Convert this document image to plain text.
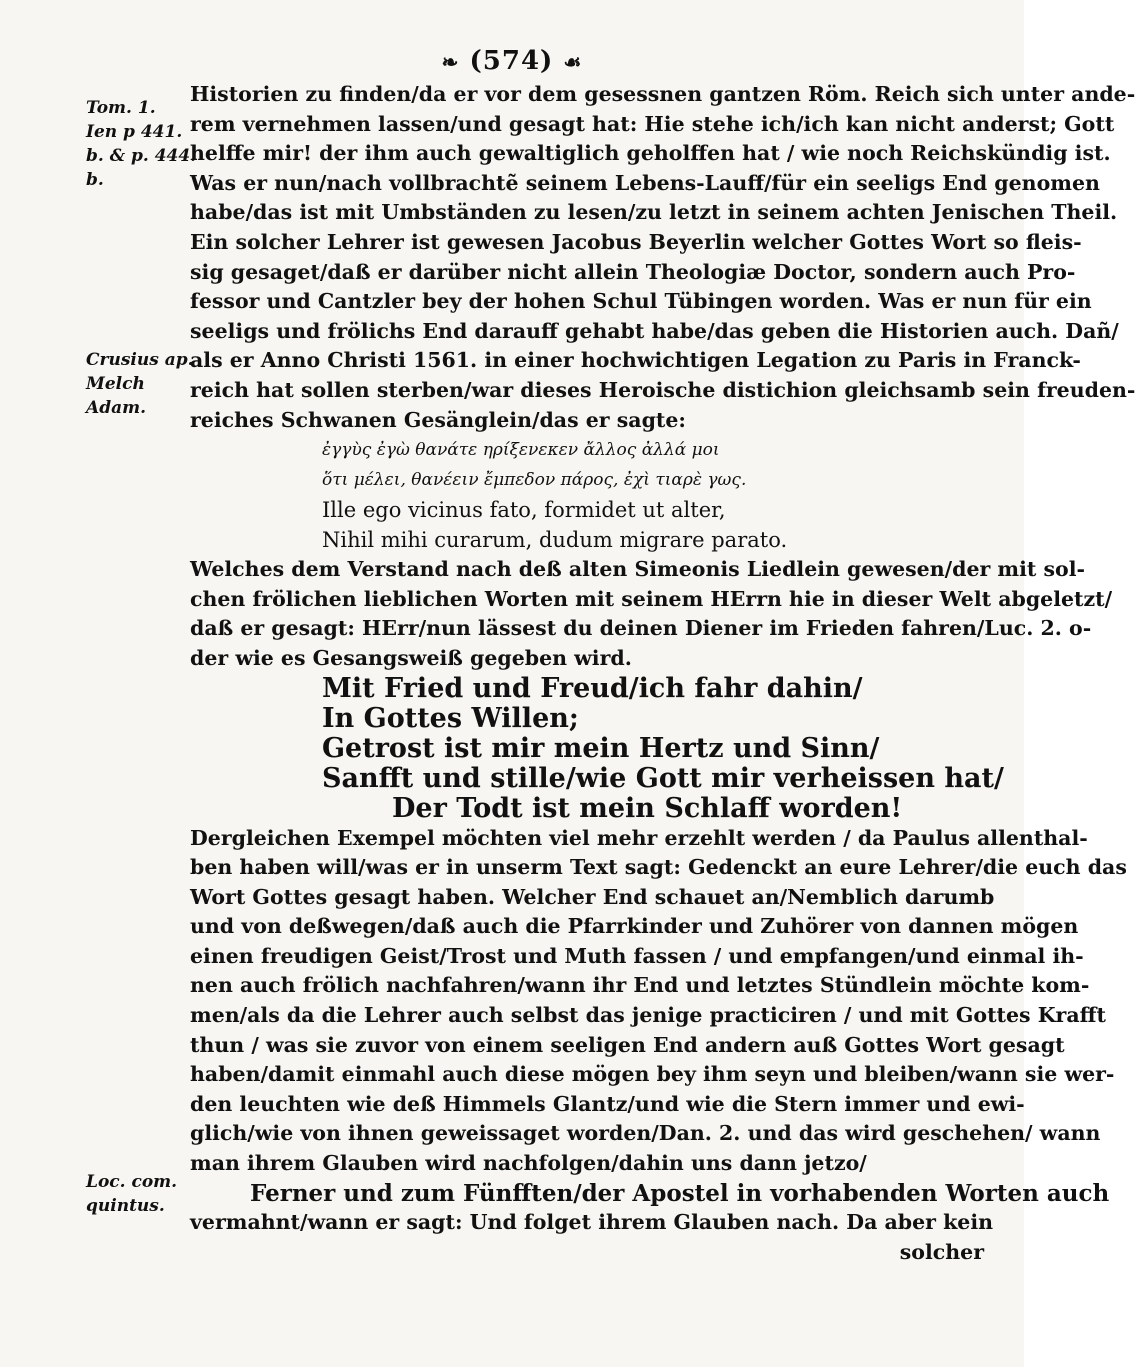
❧ (574) ☙
Tom. 1.
Ien p 441.
b. & p. 444.
b.
Crusius ap.
Melch
Adam.
Loc. com.
quintus.
Historien zu finden/da er vor dem gesessnen gantzen Röm. Reich sich unter ande-
rem vernehmen lassen/und gesagt hat: Hie stehe ich/ich kan nicht anderst; Gott
helffe mir! der ihm auch gewaltiglich geholffen hat / wie noch Reichskündig ist.
Was er nun/nach vollbrachtẽ seinem Lebens-Lauff/für ein seeligs End genomen
habe/das ist mit Umbständen zu lesen/zu letzt in seinem achten Jenischen Theil.
Ein solcher Lehrer ist gewesen Jacobus Beyerlin welcher Gottes Wort so fleis-
sig gesaget/daß er darüber nicht allein Theologiæ Doctor, sondern auch Pro-
fessor und Cantzler bey der hohen Schul Tübingen worden. Was er nun für ein
seeligs und frölichs End darauff gehabt habe/das geben die Historien auch. Dañ/
als er Anno Christi 1561. in einer hochwichtigen Legation zu Paris in Franck-
reich hat sollen sterben/war dieses Heroische distichion gleichsamb sein freuden-
reiches Schwanen Gesänglein/das er sagte:
ἐγγὺς ἐγὼ θανάτε ηρίξενεκεν ἄλλος ἀλλά μοι
ὅτι μέλει, θανέειν ἔμπεδον πάρος, ἐχὶ τιαρὲ γως.
Ille ego vicinus fato, formidet ut alter,
Nihil mihi curarum, dudum migrare parato.
Welches dem Verstand nach deß alten Simeonis Liedlein gewesen/der mit sol-
chen frölichen lieblichen Worten mit seinem HErrn hie in dieser Welt abgeletzt/
daß er gesagt: HErr/nun lässest du deinen Diener im Frieden fahren/Luc. 2. o-
der wie es Gesangsweiß gegeben wird.
Mit Fried und Freud/ich fahr dahin/
In Gottes Willen;
Getrost ist mir mein Hertz und Sinn/
Sanfft und stille/wie Gott mir verheissen hat/
Der Todt ist mein Schlaff worden!
Dergleichen Exempel möchten viel mehr erzehlt werden / da Paulus allenthal-
ben haben will/was er in unserm Text sagt: Gedenckt an eure Lehrer/die euch das
Wort Gottes gesagt haben. Welcher End schauet an/Nemblich darumb
und von deßwegen/daß auch die Pfarrkinder und Zuhörer von dannen mögen
einen freudigen Geist/Trost und Muth fassen / und empfangen/und einmal ih-
nen auch frölich nachfahren/wann ihr End und letztes Stündlein möchte kom-
men/als da die Lehrer auch selbst das jenige practiciren / und mit Gottes Krafft
thun / was sie zuvor von einem seeligen End andern auß Gottes Wort gesagt
haben/damit einmahl auch diese mögen bey ihm seyn und bleiben/wann sie wer-
den leuchten wie deß Himmels Glantz/und wie die Stern immer und ewi-
glich/wie von ihnen geweissaget worden/Dan. 2. und das wird geschehen/ wann
man ihrem Glauben wird nachfolgen/dahin uns dann jetzo/
Ferner und zum Fünfften/der Apostel in vorhabenden Worten auch
vermahnt/wann er sagt: Und folget ihrem Glauben nach. Da aber kein
solcher
